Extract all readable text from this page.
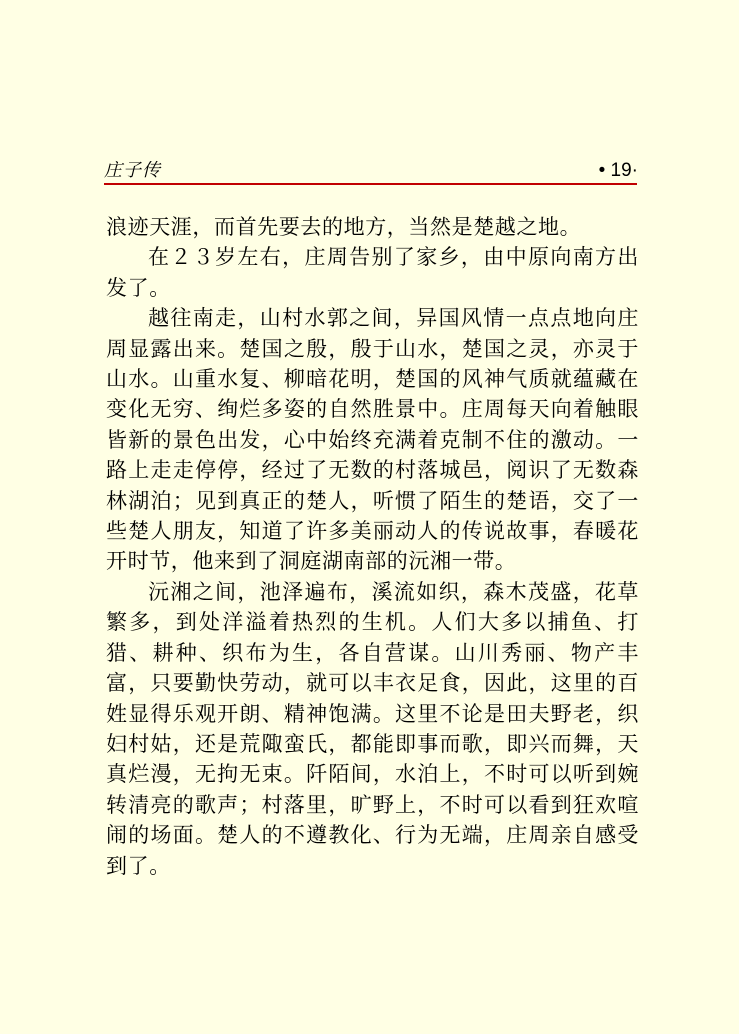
庄子传	• 19·

浪迹天涯，而首先要去的地方，当然是楚越之地。

在２３岁左右，庄周告别了家乡，由中原向南方出发了。

越往南走，山村水郭之间，异国风情一点点地向庄周显露出来。楚国之殷，殷于山水，楚国之灵，亦灵于山水。山重水复、柳暗花明，楚国的风神气质就蕴藏在变化无穷、绚烂多姿的自然胜景中。庄周每天向着触眼皆新的景色出发，心中始终充满着克制不住的激动。一路上走走停停，经过了无数的村落城邑，阅识了无数森林湖泊；见到真正的楚人，听惯了陌生的楚语，交了一些楚人朋友，知道了许多美丽动人的传说故事，春暖花开时节，他来到了洞庭湖南部的沅湘一带。

沅湘之间，池泽遍布，溪流如织，森木茂盛，花草繁多，到处洋溢着热烈的生机。人们大多以捕鱼、打猎、耕种、织布为生，各自营谋。山川秀丽、物产丰富，只要勤快劳动，就可以丰衣足食，因此，这里的百姓显得乐观开朗、精神饱满。这里不论是田夫野老，织妇村姑，还是荒陬蛮氏，都能即事而歌，即兴而舞，天真烂漫，无拘无束。阡陌间，水泊上，不时可以听到婉转清亮的歌声；村落里，旷野上，不时可以看到狂欢喧闹的场面。楚人的不遵教化、行为无端，庄周亲自感受到了。
